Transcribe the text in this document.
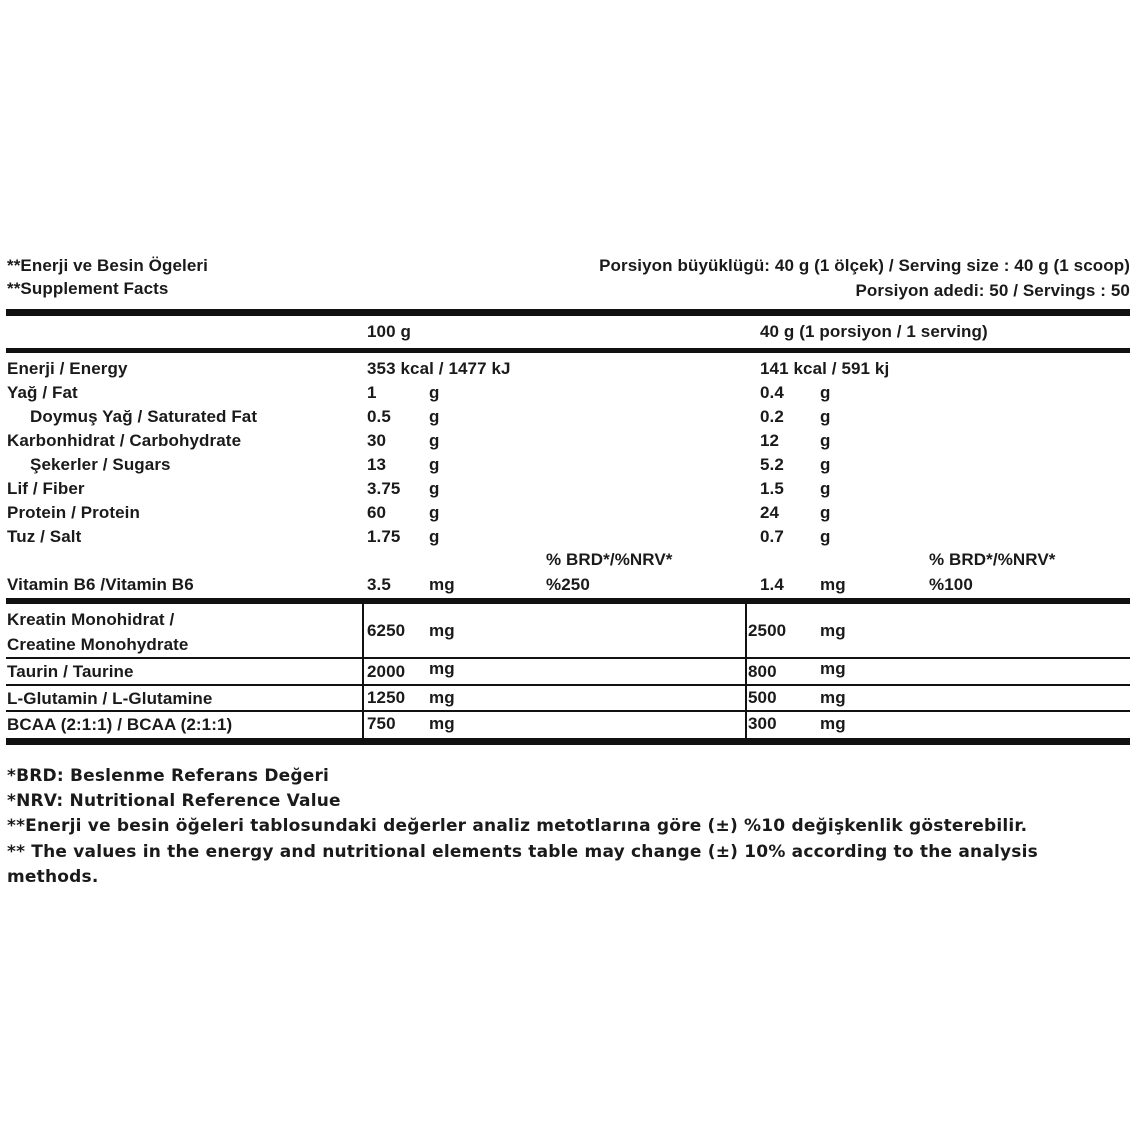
**Enerji ve Besin Ögeleri
**Supplement Facts
Porsiyon büyüklügü: 40 g (1 ölçek) / Serving size : 40 g (1 scoop)
Porsiyon adedi: 50 / Servings : 50
100 g	40 g (1 porsiyon / 1 serving)
Enerji / Energy	353 kcal / 1477 kJ	141 kcal / 591 kj
Yağ / Fat	1	g	0.4 g
Doymuş Yağ / Saturated Fat	0.5 g	0.2 g
Karbonhidrat / Carbohydrate	30	g	12 g
Şekerler / Sugars	13	g	5.2 g
Lif / Fiber	3.75 g	1.5 g
Protein / Protein	60	g	24 g
Tuz / Salt	1.75 g	0.7 g
% BRD*/%NRV*	% BRD*/%NRV*
Vitamin B6 /Vitamin B6	3.5 mg	%250	1.4 mg	%100
Kreatin Monohidrat /
Creatine Monohydrate
6250 mg	2500 mg
Taurin / Taurine	2000 mg	800	mg
L-Glutamin / L-Glutamine	1250 mg	500	mg
BCAA (2:1:1) / BCAA (2:1:1)	750 mg	300	mg
*BRD: Beslenme Referans Değeri
*NRV: Nutritional Reference Value
**Enerji ve besin öğeleri tablosundaki değerler analiz metotlarına göre (±) %10 değişkenlik gösterebilir.
** The values in the energy and nutritional elements table may change (±) 10% according to the analysis
methods.
